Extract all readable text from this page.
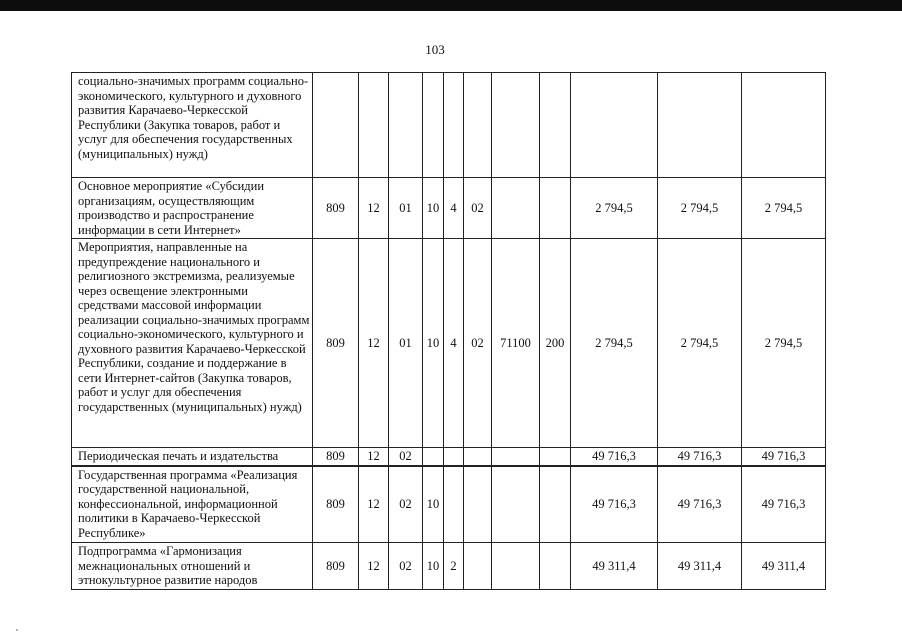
103
социально-значимых программ социально-экономического, культурного и духовного развития Карачаево-Черкесской Республики (Закупка товаров, работ и услуг для обеспечения государственных (муниципальных) нужд)											
Основное мероприятие «Субсидии организациям, осуществляющим производство и распространение информации в сети Интернет»	809	12	01	10	4	02			2 794,5	2 794,5	2 794,5
Мероприятия, направленные на предупреждение национального и религиозного экстремизма, реализуемые через освещение электронными средствами массовой информации реализации социально-значимых программ социально-экономического, культурного и духовного развития Карачаево-Черкесской Республики, создание и поддержание в сети Интернет-сайтов (Закупка товаров, работ и услуг для обеспечения государственных (муниципальных) нужд)	809	12	01	10	4	02	71100	200	2 794,5	2 794,5	2 794,5
Периодическая печать и издательства	809	12	02						49 716,3	49 716,3	49 716,3
Государственная программа «Реализация государственной национальной, конфессиональной, информационной политики в Карачаево-Черкесской Республике»	809	12	02	10					49 716,3	49 716,3	49 716,3
Подпрограмма «Гармонизация межнациональных отношений и этнокультурное развитие народов	809	12	02	10	2				49 311,4	49 311,4	49 311,4
